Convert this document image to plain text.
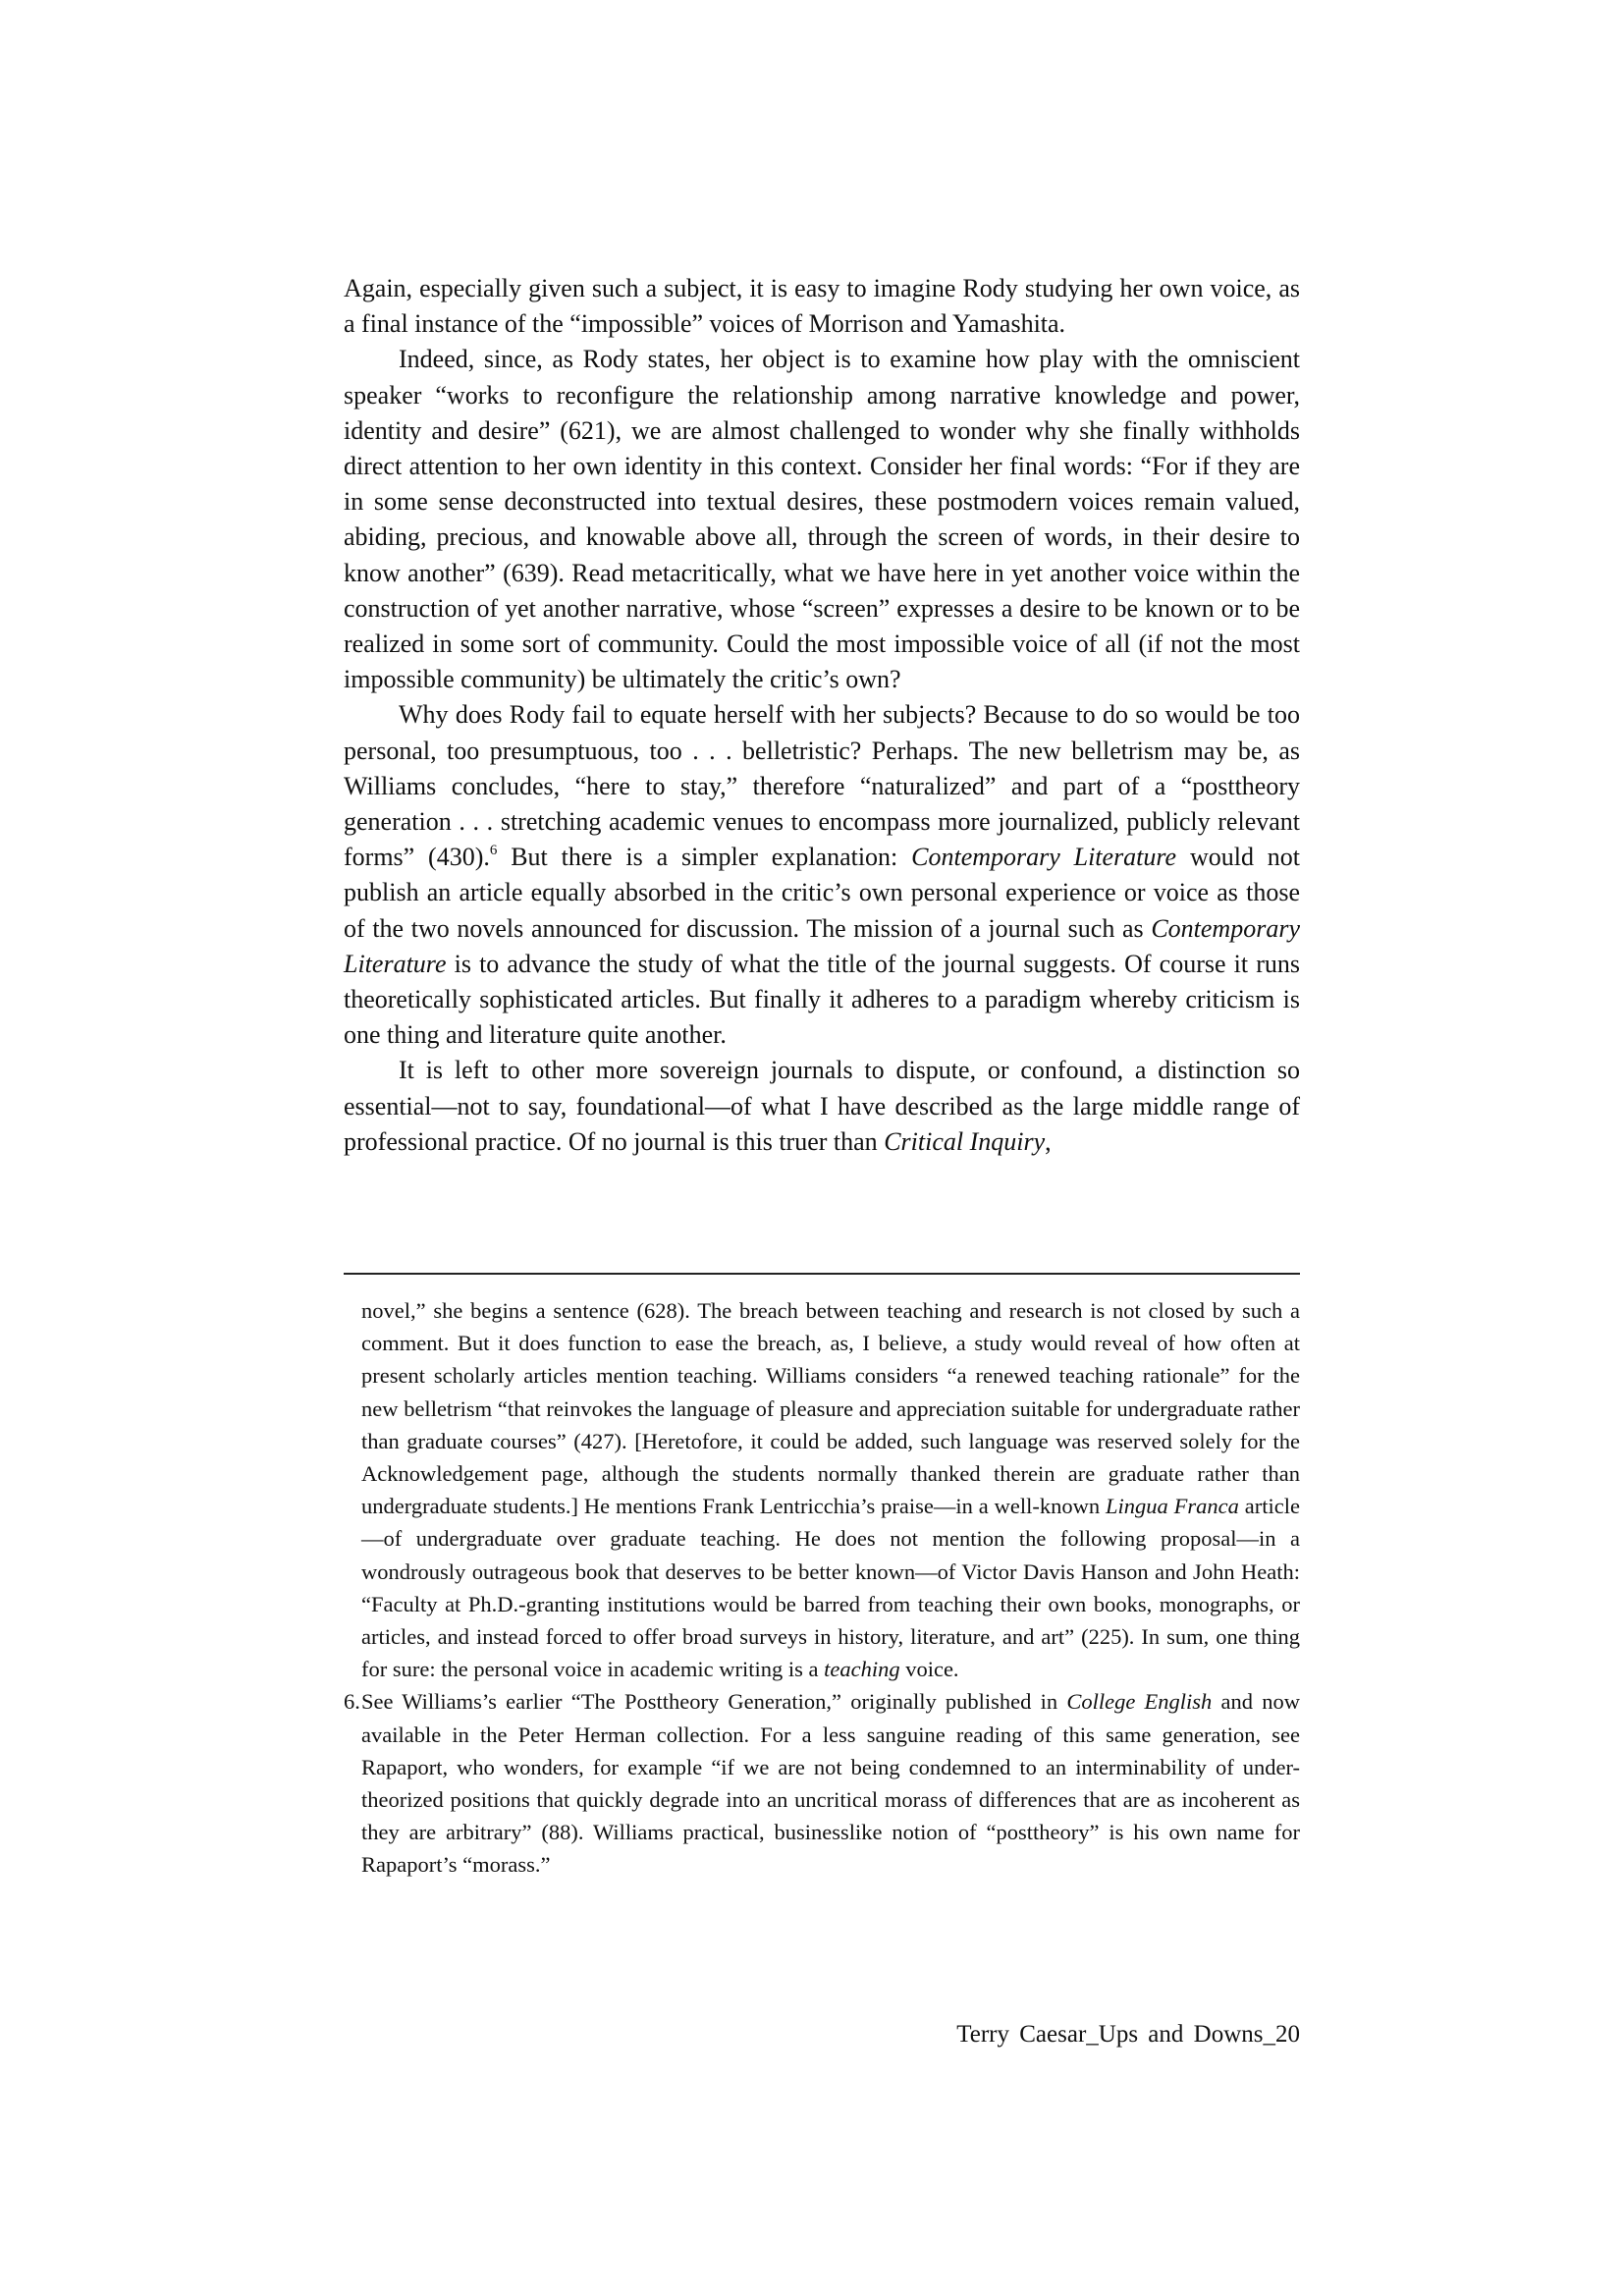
Again, especially given such a subject, it is easy to imagine Rody studying her own voice, as a final instance of the “impossible” voices of Morrison and Yamashita.

Indeed, since, as Rody states, her object is to examine how play with the omniscient speaker “works to reconfigure the relationship among narrative knowledge and power, identity and desire” (621), we are almost challenged to wonder why she finally withholds direct attention to her own identity in this context. Consider her final words: “For if they are in some sense deconstructed into textual desires, these postmodern voices remain valued, abiding, precious, and knowable above all, through the screen of words, in their desire to know another” (639). Read metacritically, what we have here in yet another voice within the construction of yet another narrative, whose “screen” expresses a desire to be known or to be realized in some sort of community. Could the most impossible voice of all (if not the most impossible community) be ultimately the critic’s own?

Why does Rody fail to equate herself with her subjects? Because to do so would be too personal, too presumptuous, too . . . belletristic? Perhaps. The new belletrism may be, as Williams concludes, “here to stay,” therefore “naturalized” and part of a “posttheory generation . . . stretching academic venues to encompass more journalized, publicly relevant forms” (430).$^6$ But there is a simpler explanation: Contemporary Literature would not publish an article equally absorbed in the critic’s own personal experience or voice as those of the two novels announced for discussion. The mission of a journal such as Contemporary Literature is to advance the study of what the title of the journal suggests. Of course it runs theoretically sophisticated articles. But finally it adheres to a paradigm whereby criticism is one thing and literature quite another.

It is left to other more sovereign journals to dispute, or confound, a distinction so essential—not to say, foundational—of what I have described as the large middle range of professional practice. Of no journal is this truer than Critical Inquiry,

novel,” she begins a sentence (628). The breach between teaching and research is not closed by such a comment. But it does function to ease the breach, as, I believe, a study would reveal of how often at present scholarly articles mention teaching. Williams considers “a renewed teaching rationale” for the new belletrism “that reinvokes the language of pleasure and appreciation suitable for undergraduate rather than graduate courses” (427). [Heretofore, it could be added, such language was reserved solely for the Acknowledgement page, although the students normally thanked therein are graduate rather than undergraduate students.] He mentions Frank Lentricchia’s praise—in a well-known Lingua Franca article—of undergraduate over graduate teaching. He does not mention the following proposal—in a wondrously outrageous book that deserves to be better known—of Victor Davis Hanson and John Heath: “Faculty at Ph.D.-granting institutions would be barred from teaching their own books, monographs, or articles, and instead forced to offer broad surveys in history, literature, and art” (225). In sum, one thing for sure: the personal voice in academic writing is a teaching voice.

6.See Williams’s earlier “The Posttheory Generation,” originally published in College English and now available in the Peter Herman collection. For a less sanguine reading of this same generation, see Rapaport, who wonders, for example “if we are not being condemned to an interminability of under-theorized positions that quickly degrade into an uncritical morass of differences that are as incoherent as they are arbitrary” (88). Williams practical, businesslike notion of “posttheory” is his own name for Rapaport’s “morass.”

Terry Caesar_Ups and Downs_20
